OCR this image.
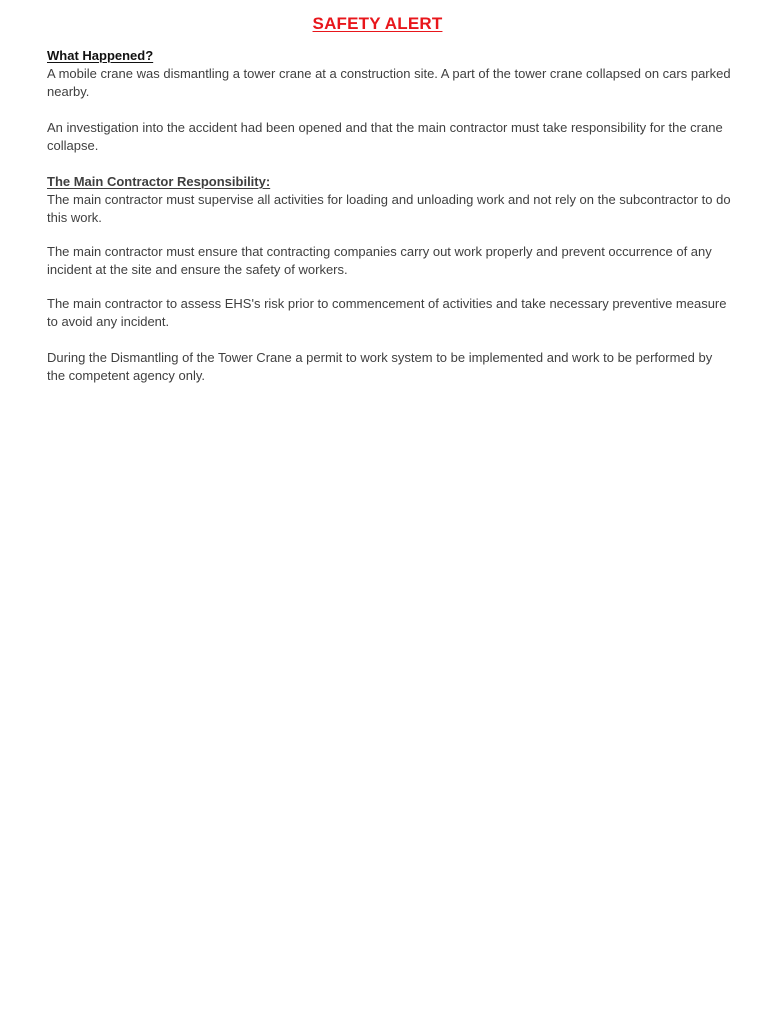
SAFETY ALERT

What Happened?

A mobile crane was dismantling a tower crane at a construction site. A part of the tower crane collapsed on cars parked nearby.

An investigation into the accident had been opened and that the main contractor must take responsibility for the crane collapse.

The Main Contractor Responsibility:

The main contractor must supervise all activities for loading and unloading work and not rely on the subcontractor to do this work.

The main contractor must ensure that contracting companies carry out work properly and prevent occurrence of any incident at the site and ensure the safety of workers.

The main contractor to assess EHS's risk prior to commencement of activities and take necessary preventive measure to avoid any incident.

During the Dismantling of the Tower Crane a permit to work system to be implemented and work to be performed by the competent agency only.
